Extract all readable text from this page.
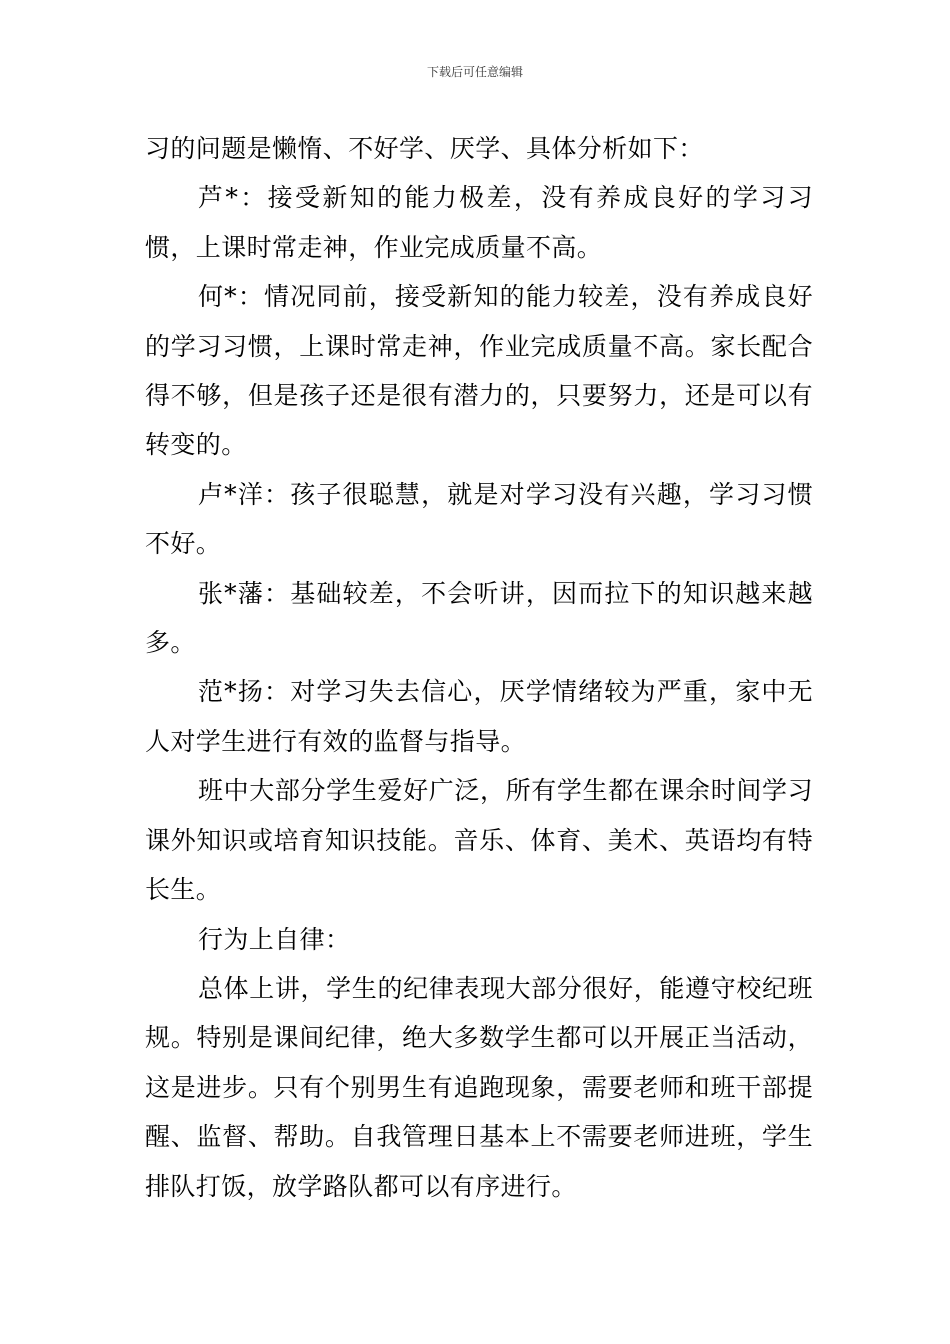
下载后可任意编辑

习的问题是懒惰、不好学、厌学、具体分析如下：

芦*：接受新知的能力极差，没有养成良好的学习习惯，上课时常走神，作业完成质量不高。

何*：情况同前，接受新知的能力较差，没有养成良好的学习习惯，上课时常走神，作业完成质量不高。家长配合得不够，但是孩子还是很有潜力的，只要努力，还是可以有转变的。

卢*洋：孩子很聪慧，就是对学习没有兴趣，学习习惯不好。

张*藩：基础较差，不会听讲，因而拉下的知识越来越多。

范*扬：对学习失去信心，厌学情绪较为严重，家中无人对学生进行有效的监督与指导。

班中大部分学生爱好广泛，所有学生都在课余时间学习课外知识或培育知识技能。音乐、体育、美术、英语均有特长生。

行为上自律：

总体上讲，学生的纪律表现大部分很好，能遵守校纪班规。特别是课间纪律，绝大多数学生都可以开展正当活动，这是进步。只有个别男生有追跑现象，需要老师和班干部提醒、监督、帮助。自我管理日基本上不需要老师进班，学生排队打饭，放学路队都可以有序进行。
